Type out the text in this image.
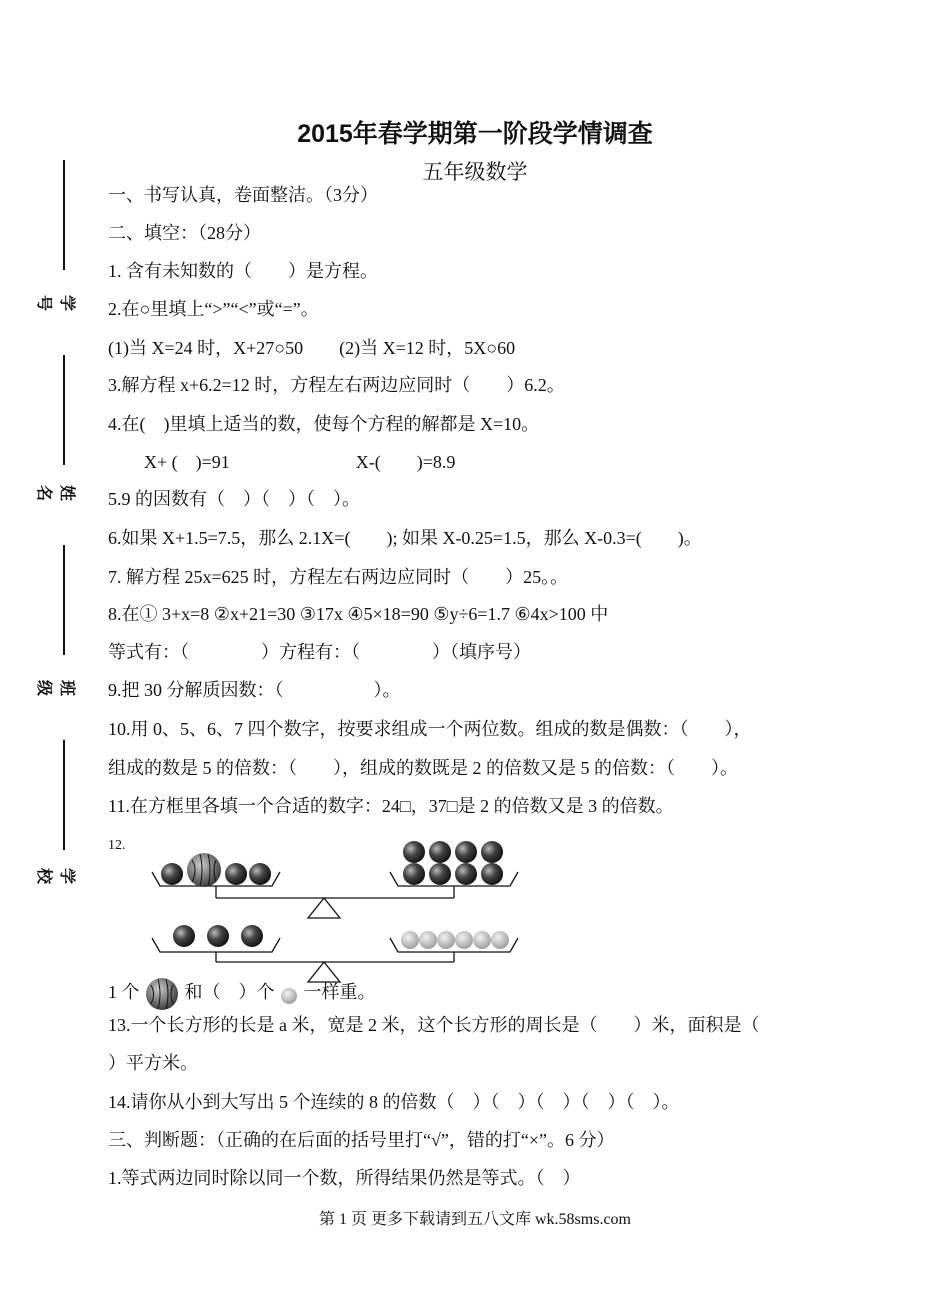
2015年春学期第一阶段学情调查
五年级数学
学号
姓名
班级
学校
一、书写认真，卷面整洁。（3分）
二、填空：（28分）
1. 含有未知数的（　　）是方程。
2.在○里填上“>”“<”或“=”。
(1)当 X=24 时，X+27○50　　(2)当 X=12 时，5X○60
3.解方程 x+6.2=12 时，方程左右两边应同时（　　）6.2。
4.在(　)里填上适当的数，使每个方程的解都是 X=10。
　　X+ (　)=91　　　　　　　X-(　　)=8.9
5.9 的因数有（　）（　）（　）。
6.如果 X+1.5=7.5，那么 2.1X=(　　); 如果 X-0.25=1.5，那么 X-0.3=(　　)。
7. 解方程 25x=625 时，方程左右两边应同时（　　）25。。
8.在① 3+x=8 ②x+21=30 ③17x ④5×18=90 ⑤y÷6=1.7 ⑥4x>100 中
等式有：（　　　　）方程有：（　　　　）（填序号）
9.把 30 分解质因数：（　　　　　）。
10.用 0、5、6、7 四个数字，按要求组成一个两位数。组成的数是偶数：（　　），
组成的数是 5 的倍数：（　　），组成的数既是 2 的倍数又是 5 的倍数：（　　）。
11.在方框里各填一个合适的数字：24□，37□是 2 的倍数又是 3 的倍数。
12.
1 个	和（　）个 一样重。
13.一个长方形的长是 a 米，宽是 2 米，这个长方形的周长是（　　）米，面积是（
）平方米。
14.请你从小到大写出 5 个连续的 8 的倍数（　）（　）（　）（　）（　）。
三、判断题：（正确的在后面的括号里打“√”，错的打“×”。6 分）
1.等式两边同时除以同一个数，所得结果仍然是等式。（　）
第 1 页 更多下载请到五八文库 wk.58sms.com
